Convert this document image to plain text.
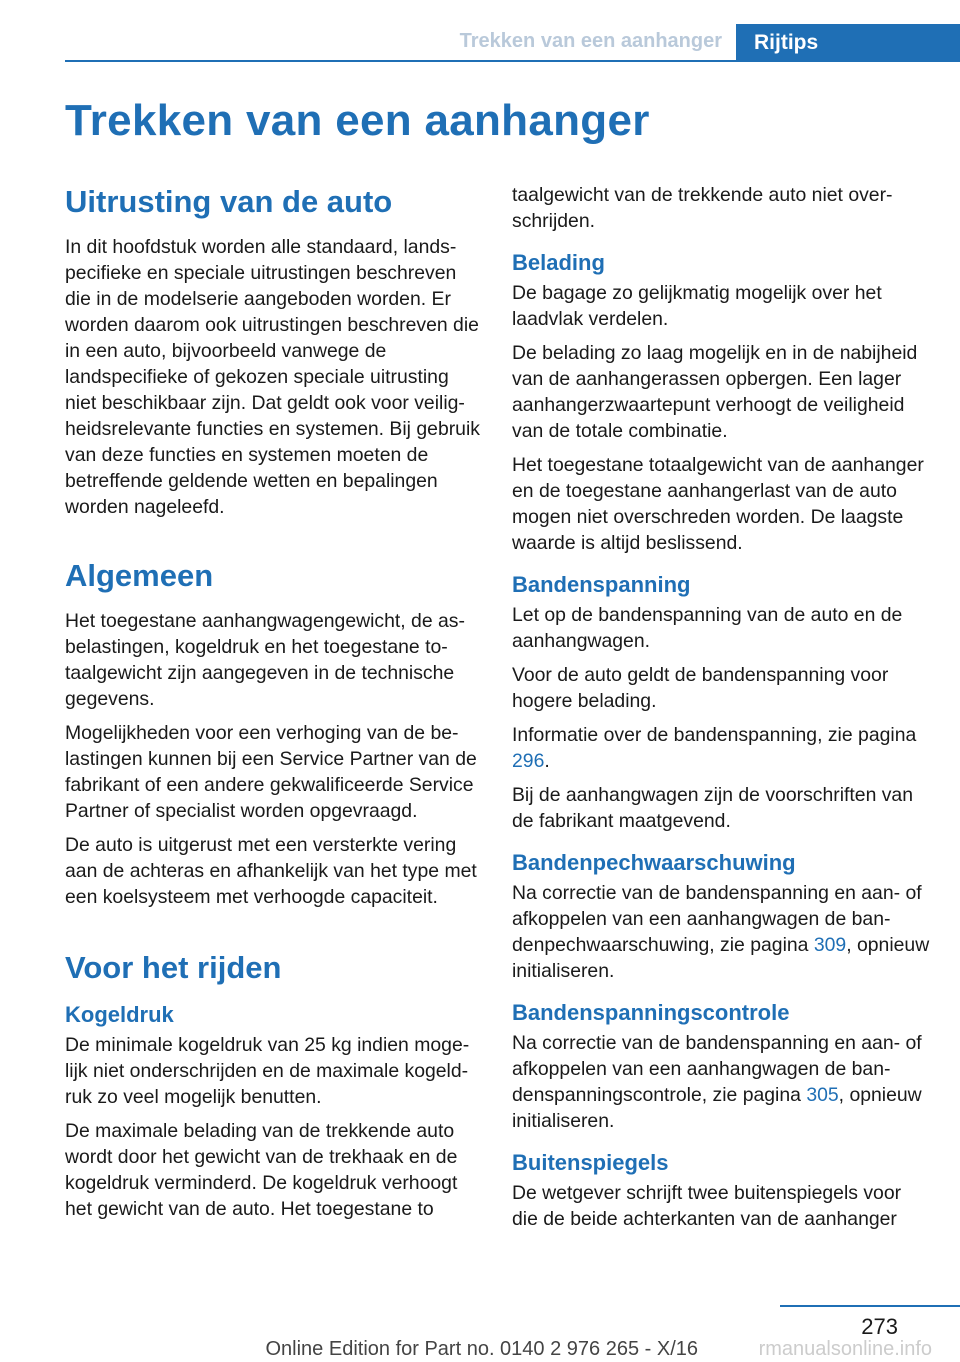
Trekken van een aanhanger Rijtips
Trekken van een aanhanger
Uitrusting van de auto

In dit hoofdstuk worden alle standaard, landspecifieke en speciale uitrustingen beschreven die in de modelserie aangeboden worden. Er worden daarom ook uitrustingen beschreven die in een auto, bijvoorbeeld vanwege de landspecifieke of gekozen speciale uitrusting niet beschikbaar zijn. Dat geldt ook voor veiligheidsrelevante functies en systemen. Bij gebruik van deze functies en systemen moeten de betreffende geldende wetten en bepalingen worden nageleefd.

Algemeen

Het toegestane aanhangwagengewicht, de asbelastingen, kogeldruk en het toegestane totaalgewicht zijn aangegeven in de technische gegevens.

Mogelijkheden voor een verhoging van de belastingen kunnen bij een Service Partner van de fabrikant of een andere gekwalificeerde Service Partner of specialist worden opgevraagd.

De auto is uitgerust met een versterkte vering aan de achteras en afhankelijk van het type met een koelsysteem met verhoogde capaciteit.

Voor het rijden
Kogeldruk

De minimale kogeldruk van 25 kg indien mogelijk niet onderschrijden en de maximale kogeldruk zo veel mogelijk benutten.

De maximale belading van de trekkende auto wordt door het gewicht van de trekhaak en de kogeldruk verminderd. De kogeldruk verhoogt het gewicht van de auto. Het toegestane to

taalgewicht van de trekkende auto niet overschrijden.

Belading

De bagage zo gelijkmatig mogelijk over het laadvlak verdelen.

De belading zo laag mogelijk en in de nabijheid van de aanhangerassen opbergen. Een lager aanhangerzwaartepunt verhoogt de veiligheid van de totale combinatie.

Het toegestane totaalgewicht van de aanhanger en de toegestane aanhangerlast van de auto mogen niet overschreden worden. De laagste waarde is altijd beslissend.

Bandenspanning

Let op de bandenspanning van de auto en de aanhangwagen.

Voor de auto geldt de bandenspanning voor hogere belading.

Informatie over de bandenspanning, zie pagina 296.

Bij de aanhangwagen zijn de voorschriften van de fabrikant maatgevend.

Bandenpechwaarschuwing

Na correctie van de bandenspanning en aan- of afkoppelen van een aanhangwagen de bandenpechwaarschuwing, zie pagina 309, opnieuw initialiseren.

Bandenspanningscontrole

Na correctie van de bandenspanning en aan- of afkoppelen van een aanhangwagen de bandenspanningscontrole, zie pagina 305, opnieuw initialiseren.

Buitenspiegels

De wetgever schrijft twee buitenspiegels voor die de beide achterkanten van de aanhanger

273
Online Edition for Part no. 0140 2 976 265 - X/16	rmanualsonline.info
